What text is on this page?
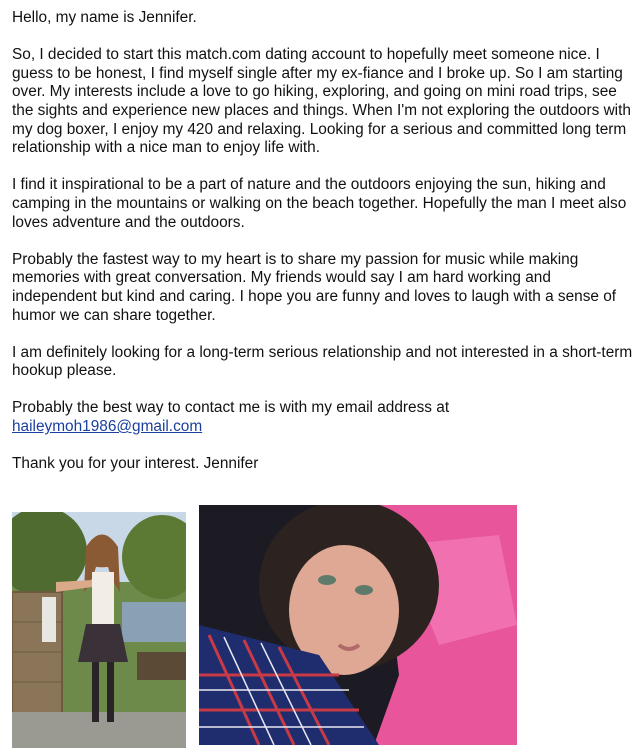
Hello, my name is Jennifer.

So, I decided to start this match.com dating account to hopefully meet someone nice. I guess to be honest, I find myself single after my ex-fiance and I broke up. So I am starting over. My interests include a love to go hiking, exploring, and going on mini road trips, see the sights and experience new places and things. When I'm not exploring the outdoors with my dog boxer, I enjoy my 420 and relaxing. Looking for a serious and committed long term relationship with a nice man to enjoy life with.

I find it inspirational to be a part of nature and the outdoors enjoying the sun, hiking and camping in the mountains or walking on the beach together. Hopefully the man I meet also loves adventure and the outdoors.

Probably the fastest way to my heart is to share my passion for music while making memories with great conversation. My friends would say I am hard working and independent but kind and caring. I hope you are funny and loves to laugh with a sense of humor we can share together.

I am definitely looking for a long-term serious relationship and not interested in a short-term hookup please.

Probably the best way to contact me is with my email address at
haileymoh1986@gmail.com

Thank you for your interest. Jennifer
